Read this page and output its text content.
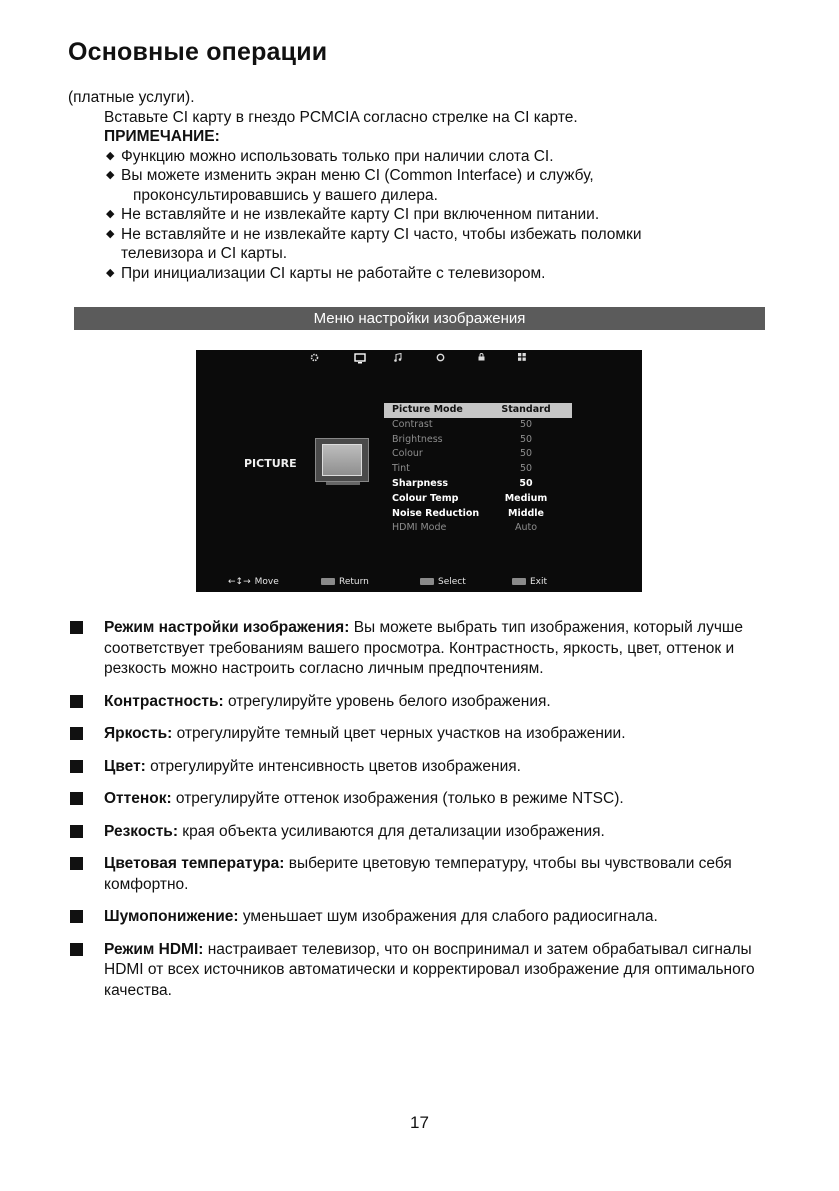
Основные операции
(платные услуги).
Вставьте CI карту в гнездо PCMCIA согласно стрелке на CI карте.
ПРИМЕЧАНИЕ:
◆ Функцию можно использовать только при наличии слота CI.
◆ Вы можете изменить экран меню CI (Common Interface) и службу,
проконсультировавшись у вашего дилера.
◆ Не вставляйте и не извлекайте карту CI при включенном питании.
◆ Не вставляйте и не извлекайте карту CI часто, чтобы избежать поломки
телевизора и CI карты.
◆ При инициализации CI карты не работайте с телевизором.
Меню настройки изображения
PICTURE
Picture Mode	Standard
Contrast	50
Brightness	50
Colour	50
Tint	50
Sharpness	50
Colour Temp	Medium
Noise Reduction	Middle
HDMI Mode	Auto
←↕→ Move	Return	Select	Exit
Режим настройки изображения: Вы можете выбрать тип изображения, который лучше соответствует требованиям вашего просмотра. Контрастность, яркость, цвет, оттенок и резкость можно настроить согласно личным предпочтениям.
Контрастность: отрегулируйте уровень белого изображения.
Яркость: отрегулируйте темный цвет черных участков на изображении.
Цвет: отрегулируйте интенсивность цветов изображения.
Оттенок: отрегулируйте оттенок изображения (только в режиме NTSC).
Резкость: края объекта усиливаются для детализации изображения.
Цветовая температура: выберите цветовую температуру, чтобы вы чувствовали себя комфортно.
Шумопонижение: уменьшает шум изображения для слабого радиосигнала.
Режим HDMI: настраивает телевизор, что он воспринимал и затем обрабатывал сигналы HDMI от всех источников автоматически и корректировал изображение для оптимального качества.
17
